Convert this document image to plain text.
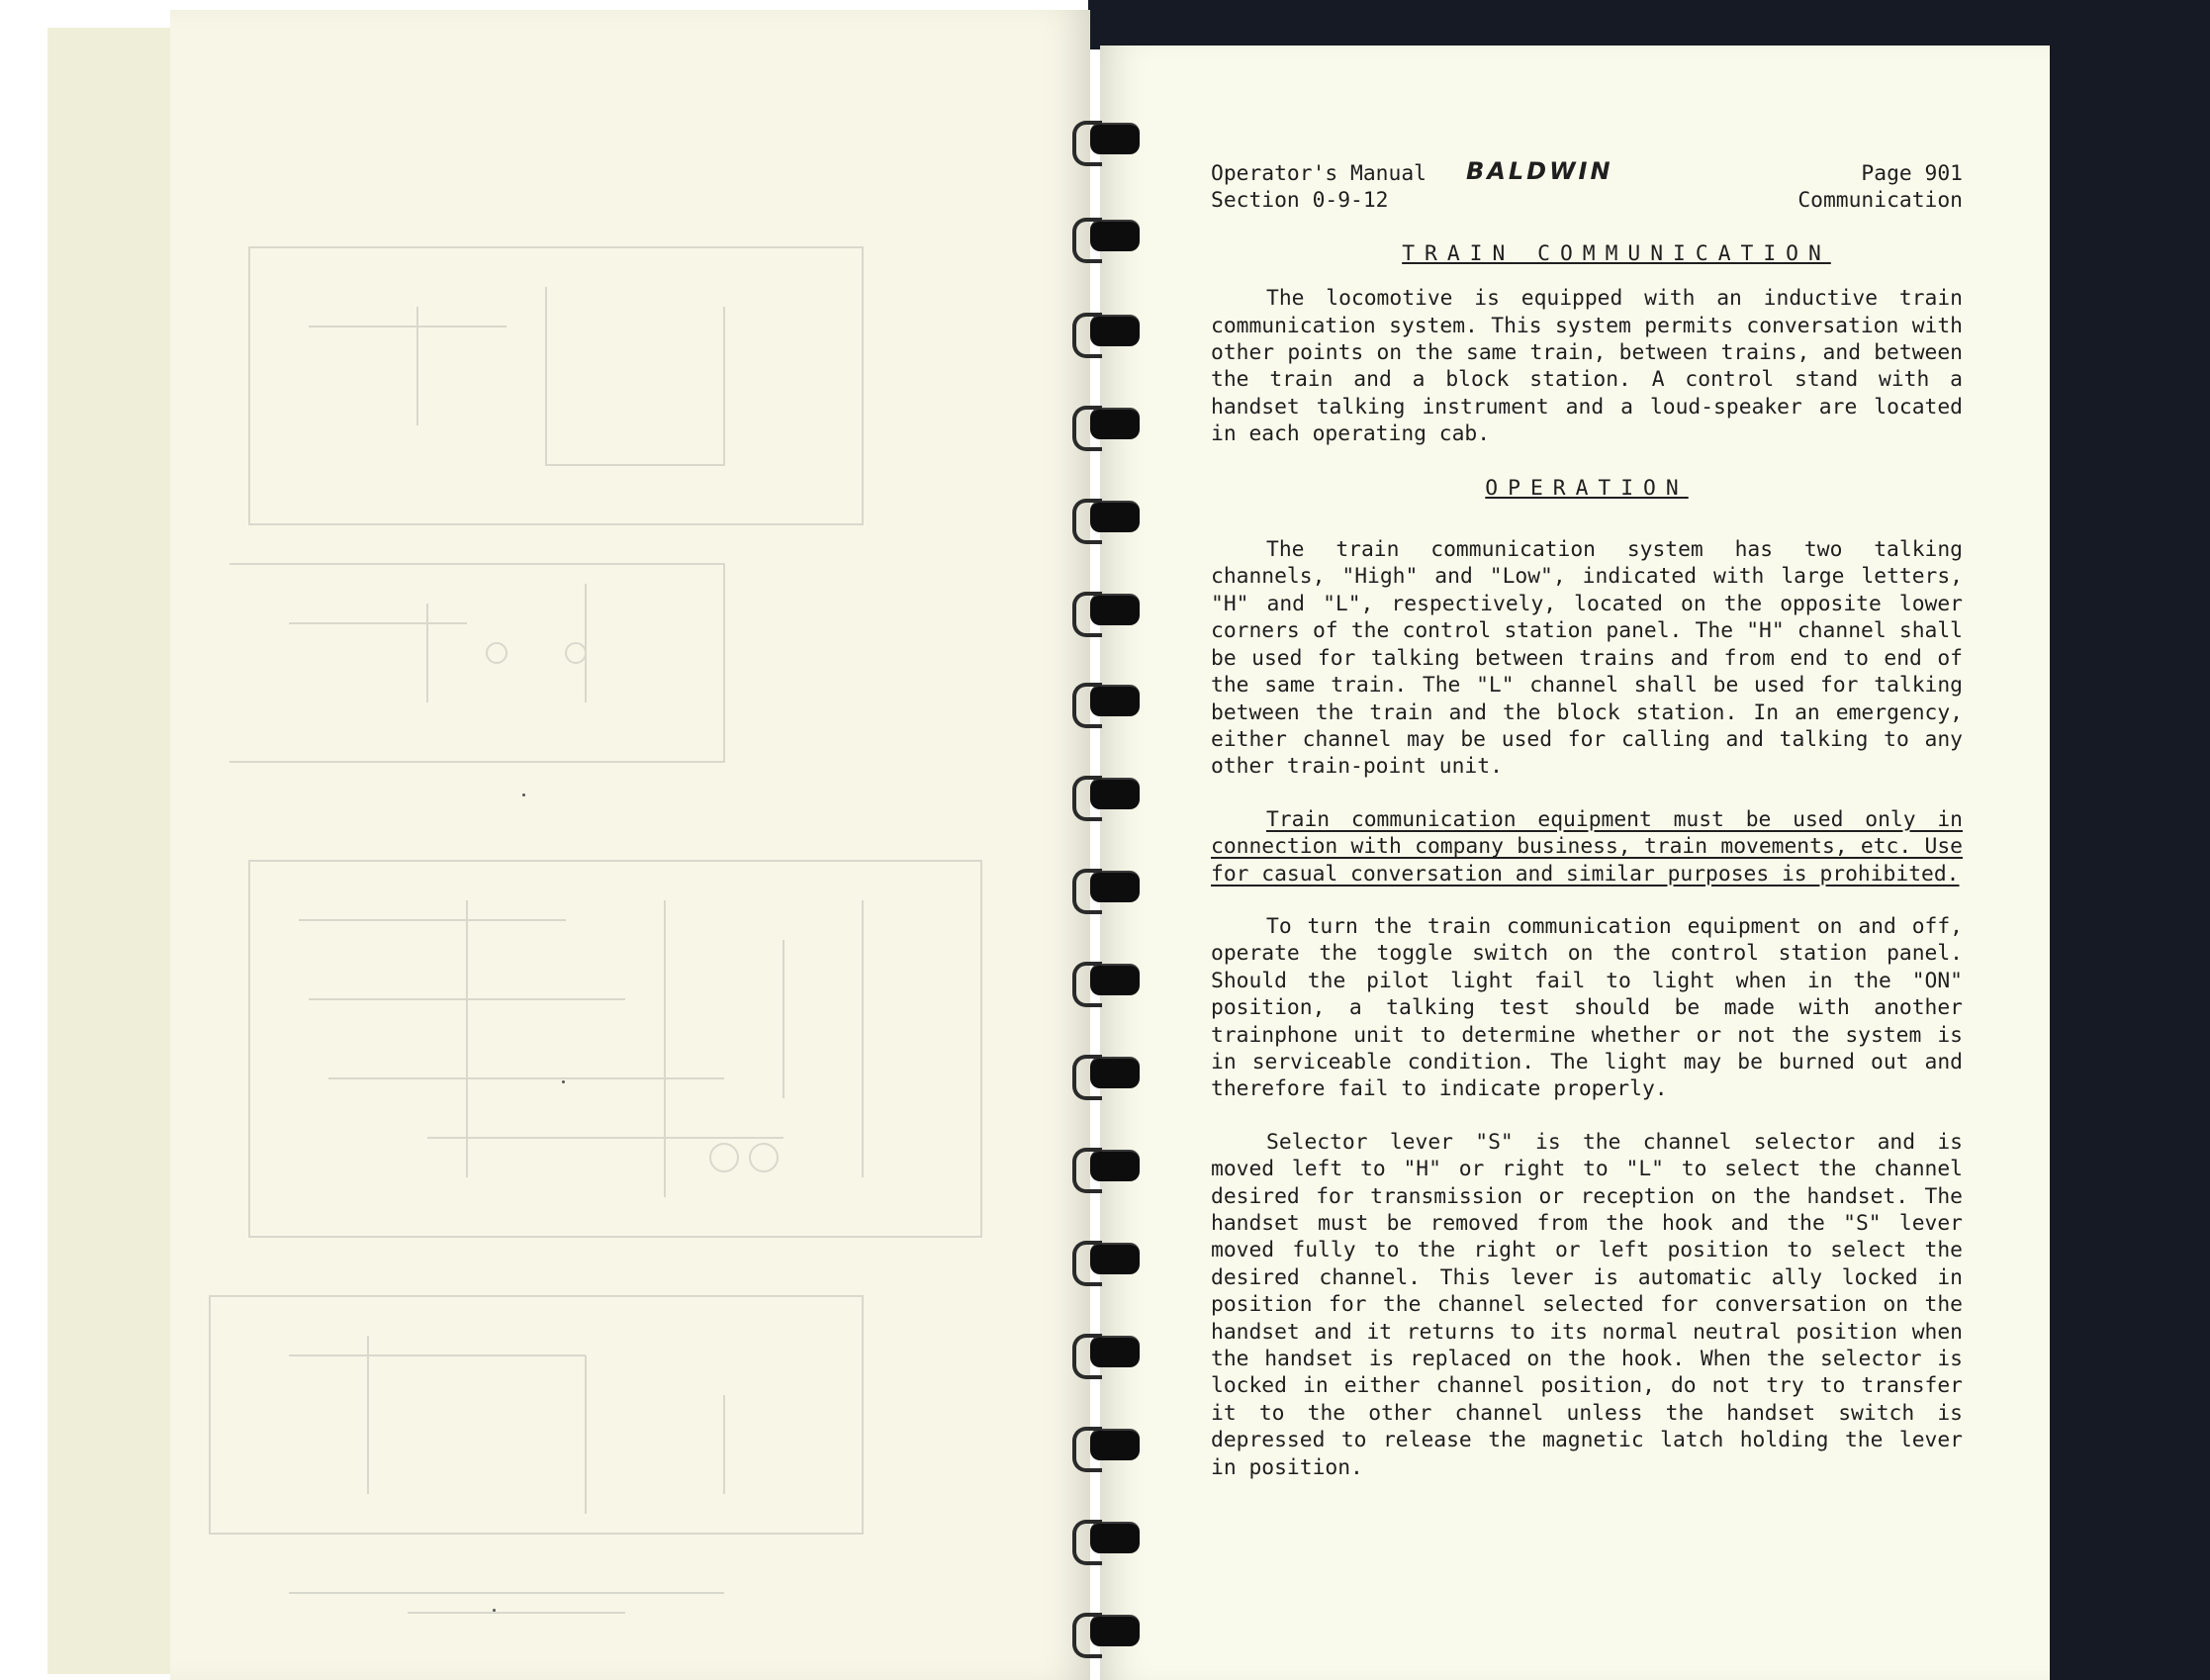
Operator's Manual
Section 0-9-12
BALDWIN	Page 901
Communication
TRAIN COMMUNICATION

The locomotive is equipped with an inductive train communication system. This system permits conversation with other points on the same train, between trains, and between the train and a block station. A control stand with a handset talking instrument and a loud-speaker are located in each operating cab.

OPERATION

The train communication system has two talking channels, "High" and "Low", indicated with large letters, "H" and "L", respectively, located on the opposite lower corners of the control station panel. The "H" channel shall be used for talking between trains and from end to end of the same train. The "L" channel shall be used for talking between the train and the block station. In an emergency, either channel may be used for calling and talking to any other train-point unit.

Train communication equipment must be used only in connection with company business, train movements, etc. Use for casual conversation and similar purposes is prohibited.

To turn the train communication equipment on and off, operate the toggle switch on the control station panel. Should the pilot light fail to light when in the "ON" position, a talking test should be made with another trainphone unit to determine whether or not the system is in serviceable condition. The light may be burned out and therefore fail to indicate properly.

Selector lever "S" is the channel selector and is moved left to "H" or right to "L" to select the channel desired for transmission or reception on the handset. The handset must be removed from the hook and the "S" lever moved fully to the right or left position to select the desired channel. This lever is automatic ally locked in position for the channel selected for conversation on the handset and it returns to its normal neutral position when the handset is replaced on the hook. When the selector is locked in either channel position, do not try to transfer it to the other channel unless the handset switch is depressed to release the magnetic latch holding the lever in position.
